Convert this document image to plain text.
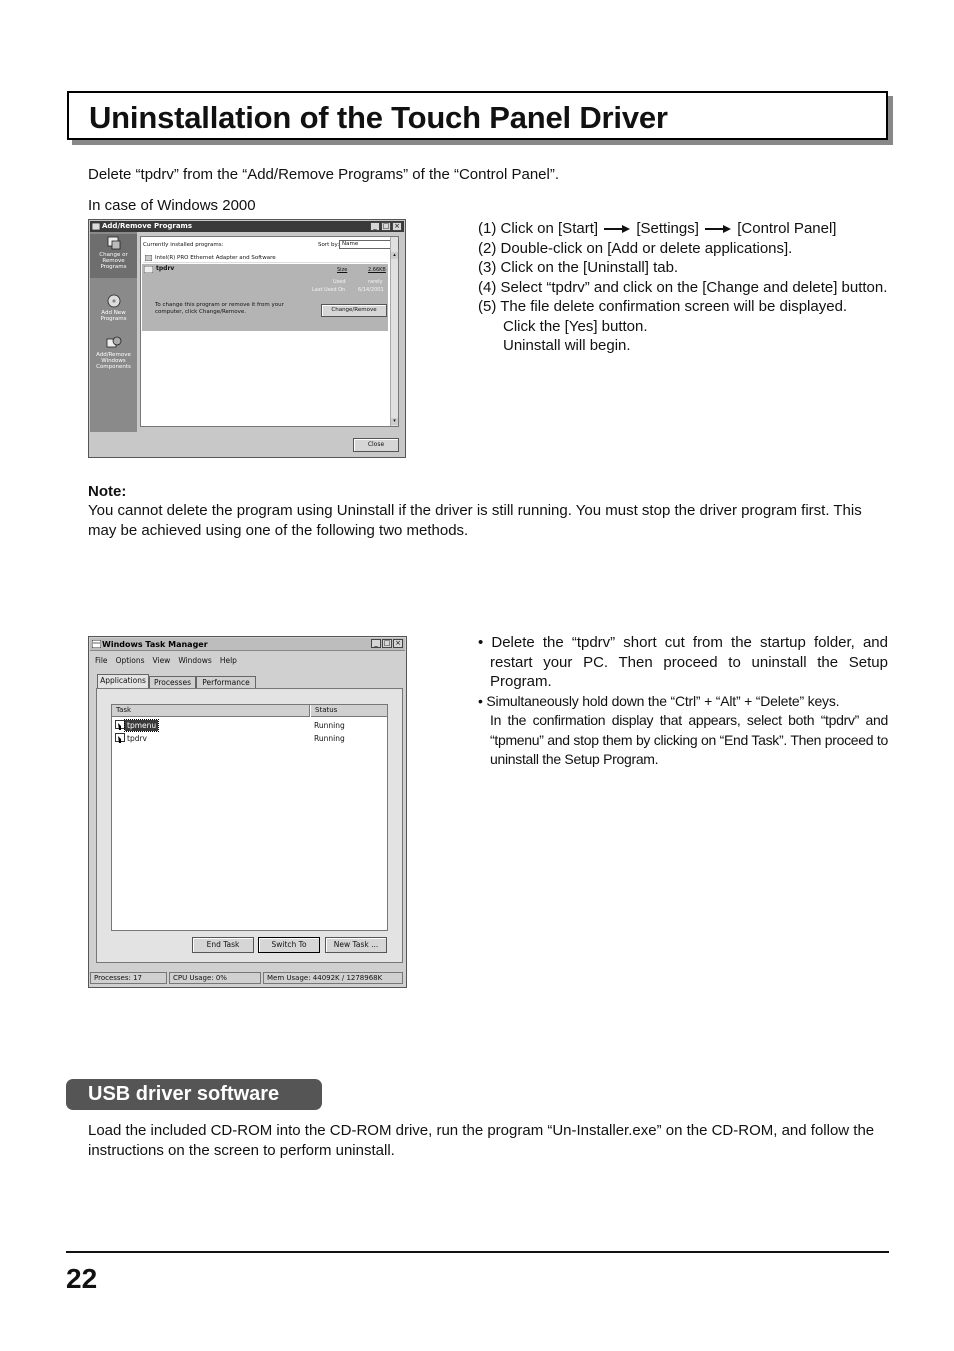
Uninstallation of the Touch Panel Driver
Delete “tpdrv” from the “Add/Remove Programs” of the “Control Panel”.
In case of Windows 2000
Add/Remove Programs	_ □ ×
Change or Remove Programs
Add New Programs
Add/Remove Windows Components
Currently installed programs:	Sort by: Name
Intel(R) PRO Ethernet Adapter and Software
tpdrv	Size	2.66KB
Used	rarely
Last Used On	6/14/2001
To change this program or remove it from your computer, click Change/Remove.	Change/Remove
▴
▾
Close
(1) Click on [Start]  [Settings]  [Control Panel]
(2) Double-click on [Add or delete applications].
(3) Click on the [Uninstall] tab.
(4) Select “tpdrv” and click on the [Change and delete] button.
(5) The file delete confirmation screen will be displayed.
Click the [Yes] button.
Uninstall will begin.
Note:
You cannot delete the program using Uninstall if the driver is still running. You must stop the driver program first. This may be achieved using one of the following two methods.
Windows Task Manager	_ □ ×
File Options View Windows Help
Applications	Processes	Performance
Task	Status
tpmenu	Running
tpdrv	Running
End Task	Switch To	New Task ...
Processes: 17	CPU Usage: 0%	Mem Usage: 44092K / 1278968K
• Delete the “tpdrv” short cut from the startup folder, and restart your PC. Then proceed to uninstall the Setup Program.
• Simultaneously hold down the “Ctrl” + “Alt” + “Delete” keys.
In the confirmation display that appears, select both “tpdrv” and “tpmenu” and stop them by clicking on “End Task”. Then proceed to uninstall the Setup Program.
USB driver software
Load the included CD-ROM into the CD-ROM drive, run the program “Un-Installer.exe” on the CD-ROM, and follow the instructions on the screen to perform uninstall.
22
